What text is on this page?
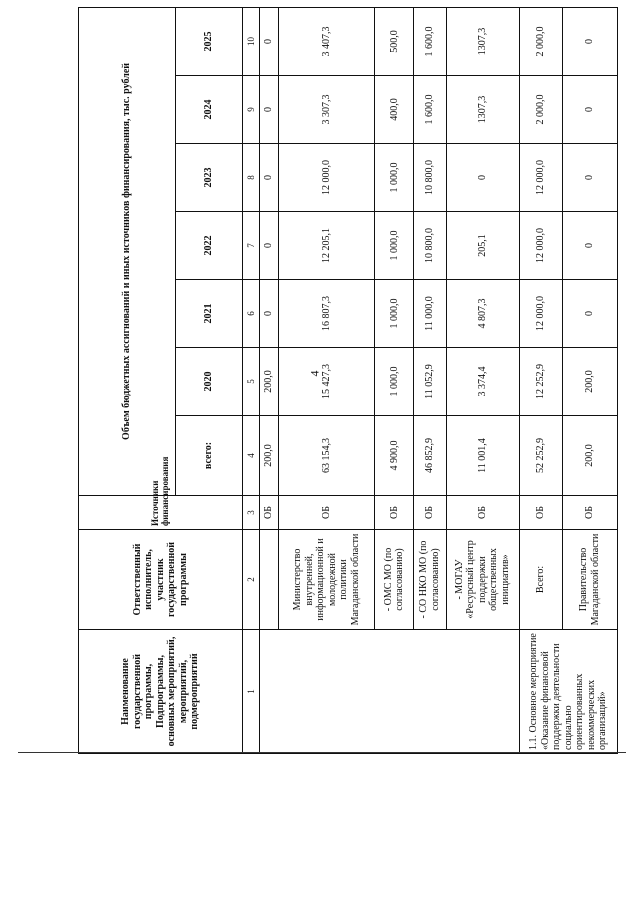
4
Наименование государственной программы, Подпрограммы, основных мероприятий, мероприятий, подмероприятий	Ответственный исполнитель, участник государственной программы	Источники финансирования	Объем бюджетных ассигнований и иных источников финансирования, тыс. рублей						
			всего:	2020	2021	2022	2023	2024	2025
1	2	3	4	5	6	7	8	9	10
		ОБ	200,0	200,0	0	0	0	0	0
	Министерство внутренней, информационной и молодежной политики Магаданской области	ОБ	63 154,3	15 427,3	16 807,3	12 205,1	12 000,0	3 307,3	3 407,3
	- ОМС МО (по согласованию)	ОБ	4 900,0	1 000,0	1 000,0	1 000,0	1 000,0	400,0	500,0
	- СО НКО МО (по согласованию)	ОБ	46 852,9	11 052,9	11 000,0	10 800,0	10 800,0	1 600,0	1 600,0
	- МОГАУ «Ресурсный центр поддержки общественных инициатив»	ОБ	11 001,4	3 374,4	4 807,3	205,1	0	1307,3	1307,3
1.1. Основное мероприятие «Оказание финансовой поддержки деятельности социально ориентированных некоммерческих организаций»	Всего:	ОБ	52 252,9	12 252,9	12 000,0	12 000,0	12 000,0	2 000,0	2 000,0
	Правительство Магаданской области	ОБ	200,0	200,0	0	0	0	0	0
